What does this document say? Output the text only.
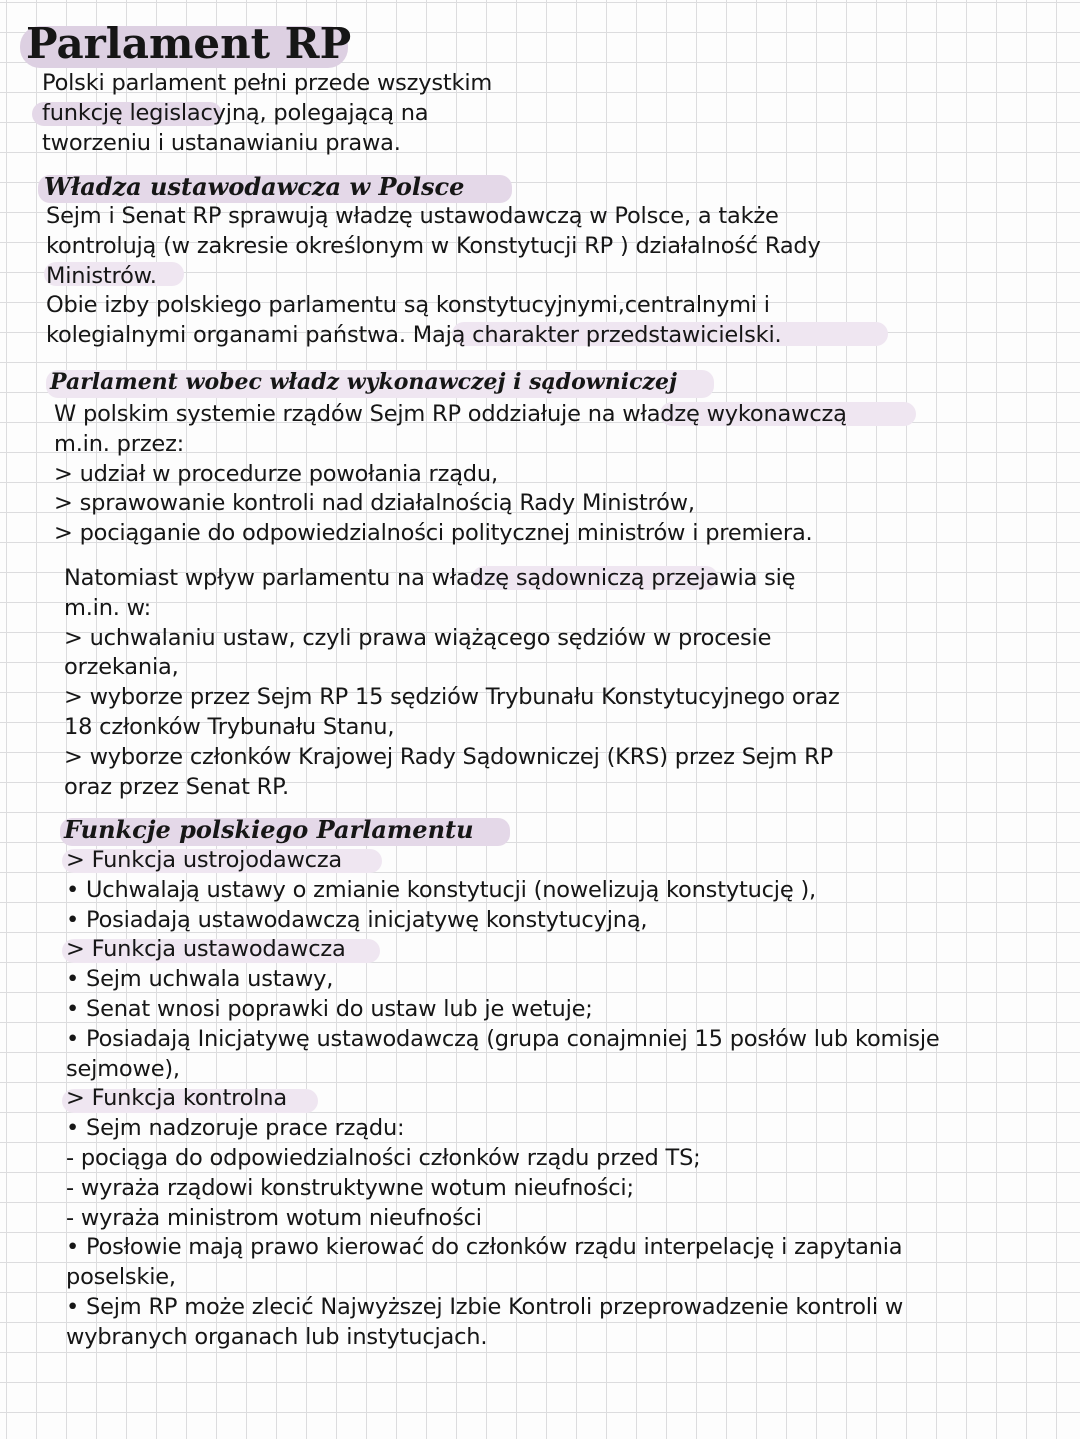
Parlament RP
Polski parlament pełni przede wszystkim
funkcję legislacyjną, polegającą na
tworzeniu i ustanawianiu prawa.
Władza ustawodawcza w Polsce
Sejm i Senat RP sprawują władzę ustawodawczą w Polsce, a także
kontrolują (w zakresie określonym w Konstytucji RP ) działalność Rady
Ministrów.
Obie izby polskiego parlamentu są konstytucyjnymi,centralnymi i
kolegialnymi organami państwa. Mają charakter przedstawicielski.
Parlament wobec władz wykonawczej i sądowniczej
W polskim systemie rządów Sejm RP oddziałuje na władzę wykonawczą
m.in. przez:
> udział w procedurze powołania rządu,
> sprawowanie kontroli nad działalnością Rady Ministrów,
> pociąganie do odpowiedzialności politycznej ministrów i premiera.
Natomiast wpływ parlamentu na władzę sądowniczą przejawia się
m.in. w:
> uchwalaniu ustaw, czyli prawa wiążącego sędziów w procesie
orzekania,
> wyborze przez Sejm RP 15 sędziów Trybunału Konstytucyjnego oraz
18 członków Trybunału Stanu,
> wyborze członków Krajowej Rady Sądowniczej (KRS) przez Sejm RP
oraz przez Senat RP.
Funkcje polskiego Parlamentu
> Funkcja ustrojodawcza
• Uchwalają ustawy o zmianie konstytucji (nowelizują konstytucję ),
• Posiadają ustawodawczą inicjatywę konstytucyjną,
> Funkcja ustawodawcza
• Sejm uchwala ustawy,
• Senat wnosi poprawki do ustaw lub je wetuje;
• Posiadają Inicjatywę ustawodawczą (grupa conajmniej 15 posłów lub komisje
sejmowe),
> Funkcja kontrolna
• Sejm nadzoruje prace rządu:
- pociąga do odpowiedzialności członków rządu przed TS;
- wyraża rządowi konstruktywne wotum nieufności;
- wyraża ministrom wotum nieufności
• Posłowie mają prawo kierować do członków rządu interpelację i zapytania
poselskie,
• Sejm RP może zlecić Najwyższej Izbie Kontroli przeprowadzenie kontroli w
wybranych organach lub instytucjach.
